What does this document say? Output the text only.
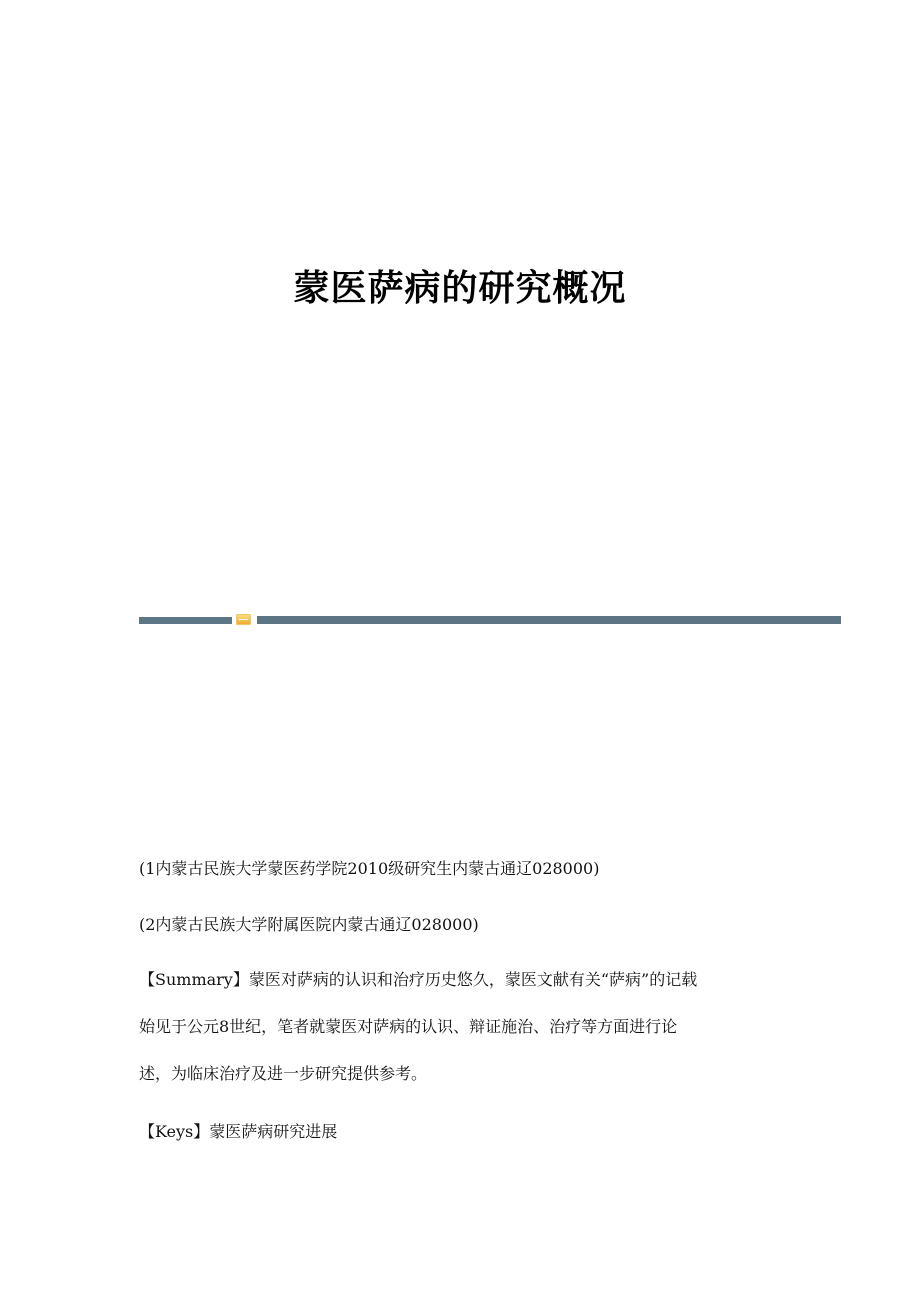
蒙医萨病的研究概况
(1内蒙古民族大学蒙医药学院2010级研究生内蒙古通辽028000)
(2内蒙古民族大学附属医院内蒙古通辽028000)
【Summary】蒙医对萨病的认识和治疗历史悠久，蒙医文献有关“萨病”的记载
始见于公元8世纪，笔者就蒙医对萨病的认识、辩证施治、治疗等方面进行论
述，为临床治疗及进一步研究提供参考。
【Keys】蒙医萨病研究进展
